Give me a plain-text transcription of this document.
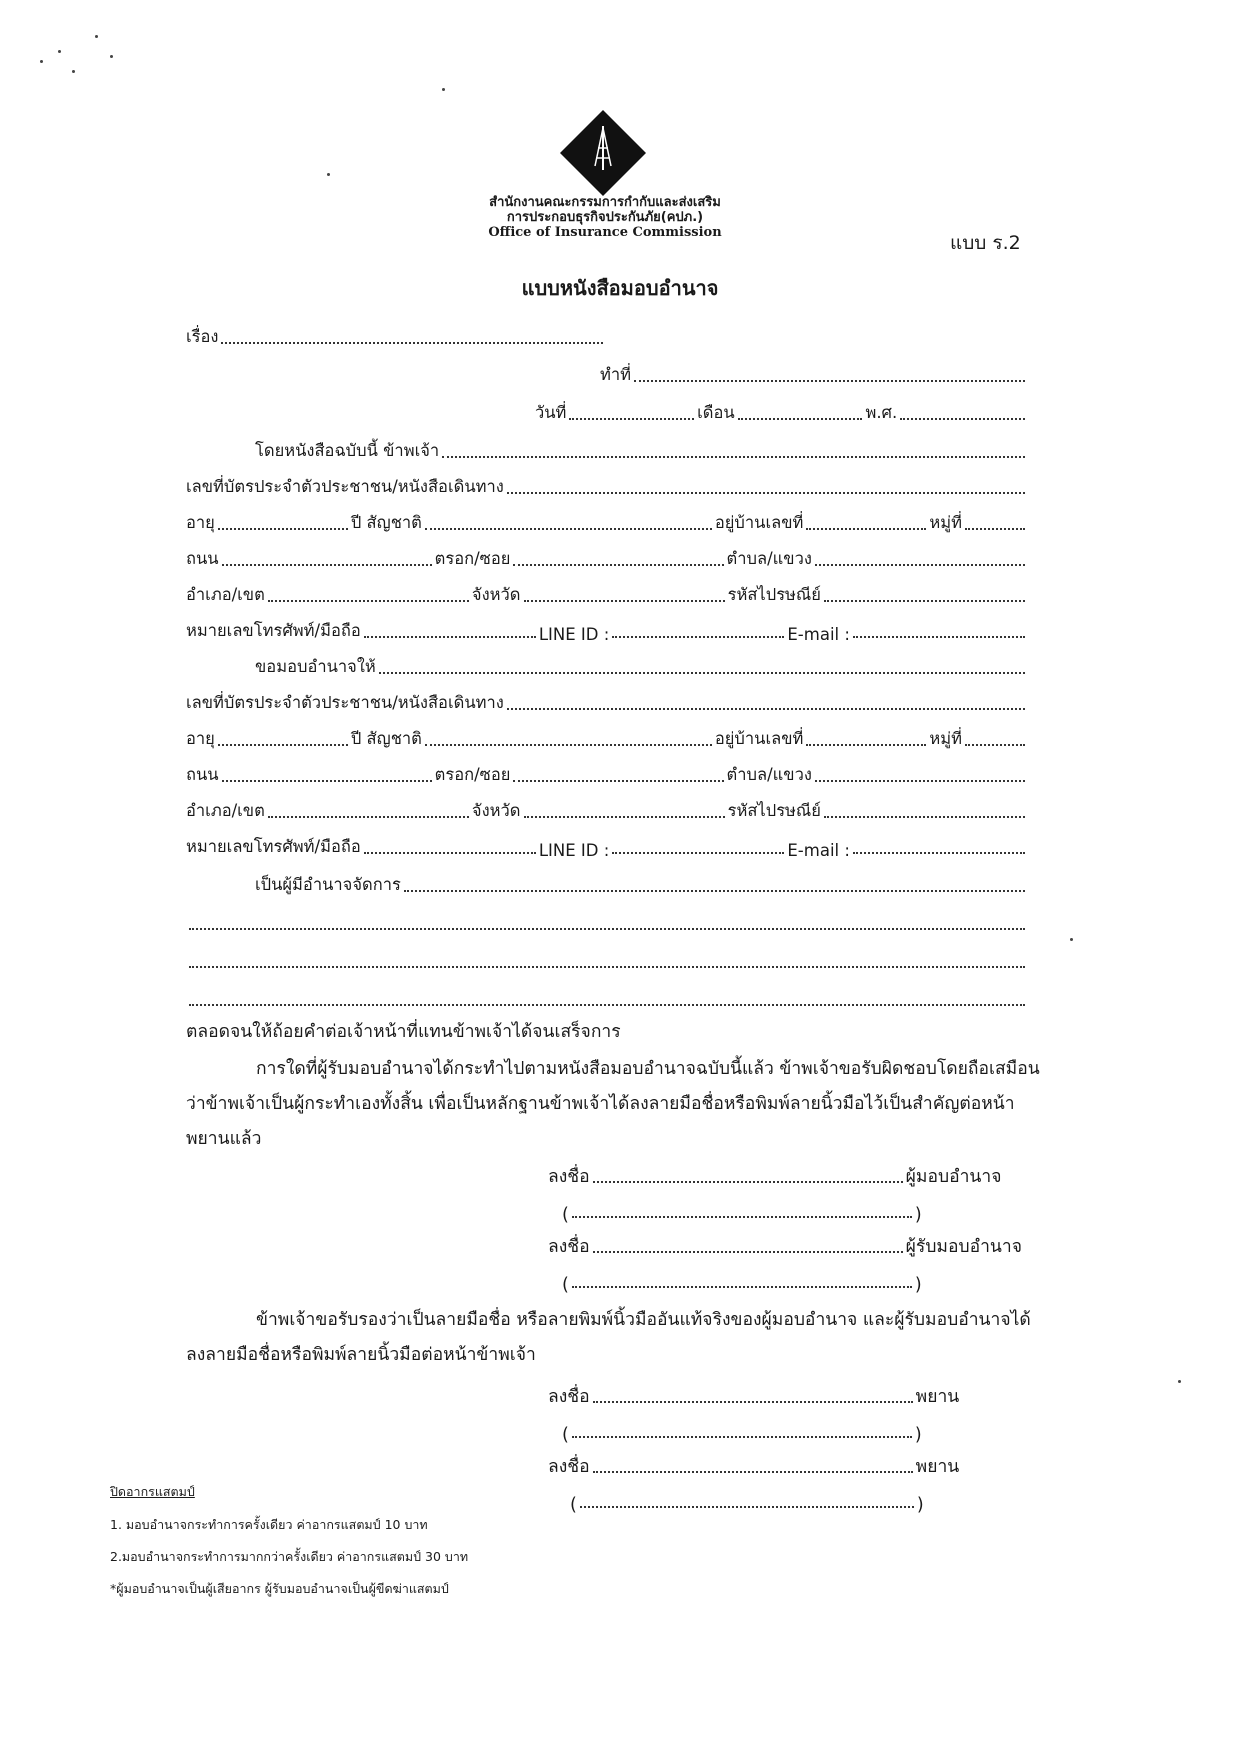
สำนักงานคณะกรรมการกำกับและส่งเสริม
การประกอบธุรกิจประกันภัย(คปภ.)
Office of Insurance Commission	แบบ ร.2
แบบหนังสือมอบอำนาจ
เรื่อง
ทำที่
วันที่	เดือน	พ.ศ.
โดยหนังสือฉบับนี้ ข้าพเจ้า
เลขที่บัตรประจำตัวประชาชน/หนังสือเดินทาง
อายุ	ปี สัญชาติ	อยู่บ้านเลขที่	หมู่ที่
ถนน	ตรอก/ซอย	ตำบล/แขวง
อำเภอ/เขต	จังหวัด	รหัสไปรษณีย์
หมายเลขโทรศัพท์/มือถือ	LINE ID :	E-mail :
ขอมอบอำนาจให้
เลขที่บัตรประจำตัวประชาชน/หนังสือเดินทาง
อายุ	ปี สัญชาติ	อยู่บ้านเลขที่	หมู่ที่
ถนน	ตรอก/ซอย	ตำบล/แขวง
อำเภอ/เขต	จังหวัด	รหัสไปรษณีย์
หมายเลขโทรศัพท์/มือถือ	LINE ID :	E-mail :
เป็นผู้มีอำนาจจัดการ
ตลอดจนให้ถ้อยคำต่อเจ้าหน้าที่แทนข้าพเจ้าได้จนเสร็จการ
การใดที่ผู้รับมอบอำนาจได้กระทำไปตามหนังสือมอบอำนาจฉบับนี้แล้ว ข้าพเจ้าขอรับผิดชอบโดยถือเสมือนว่าข้าพเจ้าเป็นผู้กระทำเองทั้งสิ้น เพื่อเป็นหลักฐานข้าพเจ้าได้ลงลายมือชื่อหรือพิมพ์ลายนิ้วมือไว้เป็นสำคัญต่อหน้าพยานแล้ว
ลงชื่อ	ผู้มอบอำนาจ
(	)
ลงชื่อ	ผู้รับมอบอำนาจ
(	)
ข้าพเจ้าขอรับรองว่าเป็นลายมือชื่อ หรือลายพิมพ์นิ้วมืออันแท้จริงของผู้มอบอำนาจ และผู้รับมอบอำนาจได้ลงลายมือชื่อหรือพิมพ์ลายนิ้วมือต่อหน้าข้าพเจ้า
ลงชื่อ	พยาน
(	)
ลงชื่อ	พยาน
(	)
ปิดอากรแสตมป์
1. มอบอำนาจกระทำการครั้งเดียว ค่าอากรแสตมป์ 10 บาท
2.มอบอำนาจกระทำการมากกว่าครั้งเดียว ค่าอากรแสตมป์ 30 บาท
*ผู้มอบอำนาจเป็นผู้เสียอากร ผู้รับมอบอำนาจเป็นผู้ขีดฆ่าแสตมป์
